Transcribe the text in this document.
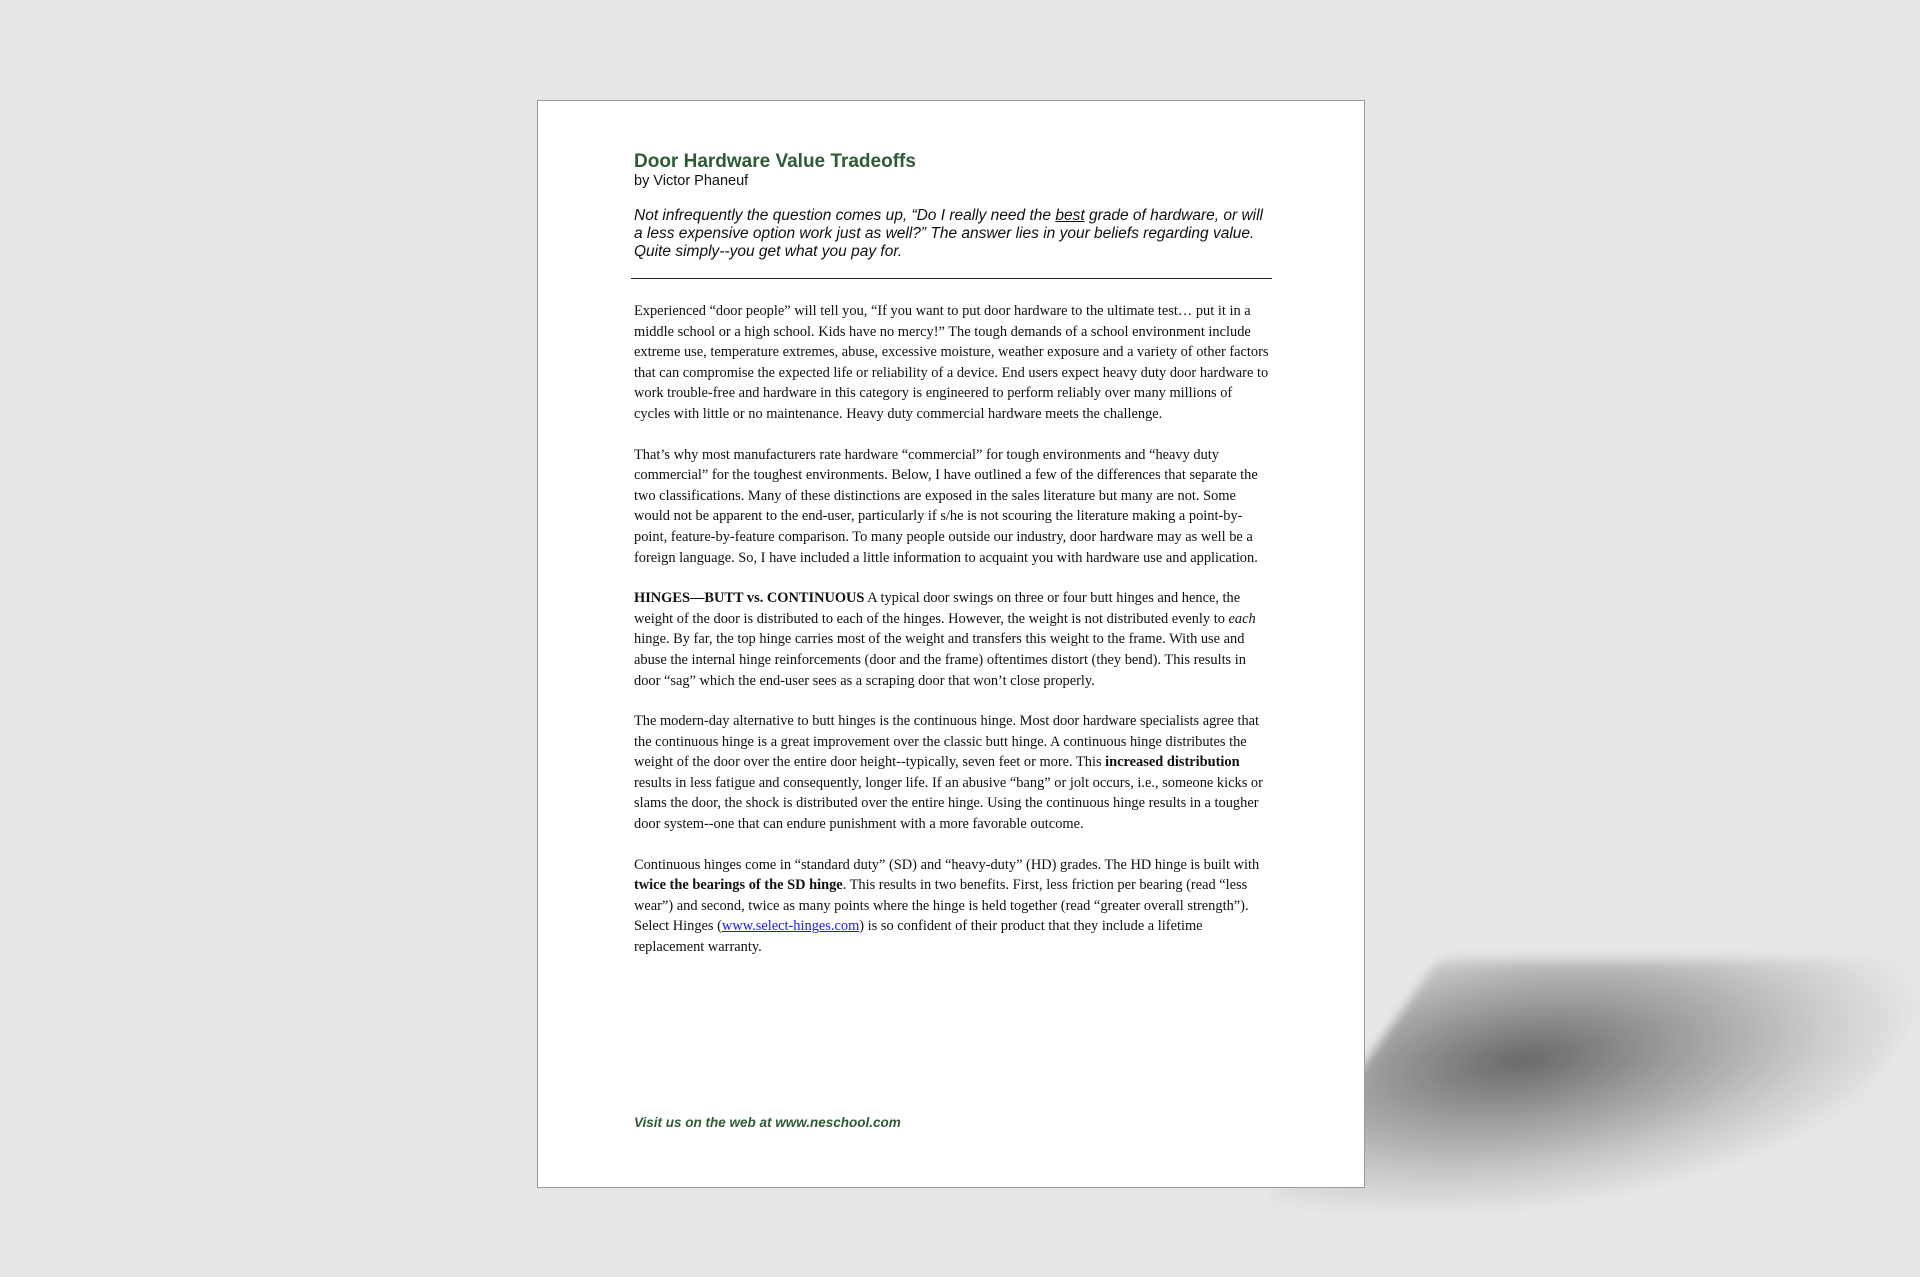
Door Hardware Value Tradeoffs
by Victor Phaneuf
Not infrequently the question comes up, “Do I really need the best grade of hardware, or will a less expensive option work just as well?” The answer lies in your beliefs regarding value. Quite simply--you get what you pay for.

Experienced “door people” will tell you, “If you want to put door hardware to the ultimate test… put it in a middle school or a high school. Kids have no mercy!” The tough demands of a school environment include extreme use, temperature extremes, abuse, excessive moisture, weather exposure and a variety of other factors that can compromise the expected life or reliability of a device. End users expect heavy duty door hardware to work trouble-free and hardware in this category is engineered to perform reliably over many millions of cycles with little or no maintenance. Heavy duty commercial hardware meets the challenge.

That’s why most manufacturers rate hardware “commercial” for tough environments and “heavy duty commercial” for the toughest environments. Below, I have outlined a few of the differences that separate the two classifications. Many of these distinctions are exposed in the sales literature but many are not. Some would not be apparent to the end-user, particularly if s/he is not scouring the literature making a point-by-point, feature-by-feature comparison. To many people outside our industry, door hardware may as well be a foreign language. So, I have included a little information to acquaint you with hardware use and application.

HINGES—BUTT vs. CONTINUOUS A typical door swings on three or four butt hinges and hence, the weight of the door is distributed to each of the hinges. However, the weight is not distributed evenly to each hinge. By far, the top hinge carries most of the weight and transfers this weight to the frame. With use and abuse the internal hinge reinforcements (door and the frame) oftentimes distort (they bend). This results in door “sag” which the end-user sees as a scraping door that won’t close properly.

The modern-day alternative to butt hinges is the continuous hinge. Most door hardware specialists agree that the continuous hinge is a great improvement over the classic butt hinge. A continuous hinge distributes the weight of the door over the entire door height--typically, seven feet or more. This increased distribution results in less fatigue and consequently, longer life. If an abusive “bang” or jolt occurs, i.e., someone kicks or slams the door, the shock is distributed over the entire hinge. Using the continuous hinge results in a tougher door system--one that can endure punishment with a more favorable outcome.

Continuous hinges come in “standard duty” (SD) and “heavy-duty” (HD) grades. The HD hinge is built with twice the bearings of the SD hinge. This results in two benefits. First, less friction per bearing (read “less wear”) and second, twice as many points where the hinge is held together (read “greater overall strength”). Select Hinges (www.select-hinges.com) is so confident of their product that they include a lifetime replacement warranty.

Visit us on the web at www.neschool.com
